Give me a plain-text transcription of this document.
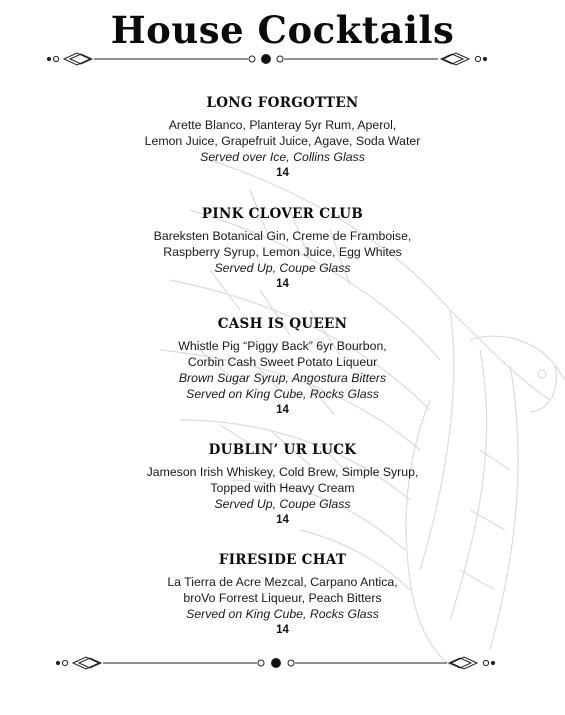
House Cocktails
LONG FORGOTTEN
Arette Blanco, Planteray 5yr Rum, Aperol,
Lemon Juice, Grapefruit Juice, Agave, Soda Water
Served over Ice, Collins Glass
14
PINK CLOVER CLUB
Bareksten Botanical Gin, Creme de Framboise,
Raspberry Syrup, Lemon Juice, Egg Whites
Served Up, Coupe Glass
14
CASH IS QUEEN
Whistle Pig “Piggy Back” 6yr Bourbon,
Corbin Cash Sweet Potato Liqueur
Brown Sugar Syrup, Angostura Bitters
Served on King Cube, Rocks Glass
14
DUBLIN’ UR LUCK
Jameson Irish Whiskey, Cold Brew, Simple Syrup,
Topped with Heavy Cream
Served Up, Coupe Glass
14
FIRESIDE CHAT
La Tierra de Acre Mezcal, Carpano Antica,
broVo Forrest Liqueur, Peach Bitters
Served on King Cube, Rocks Glass
14
